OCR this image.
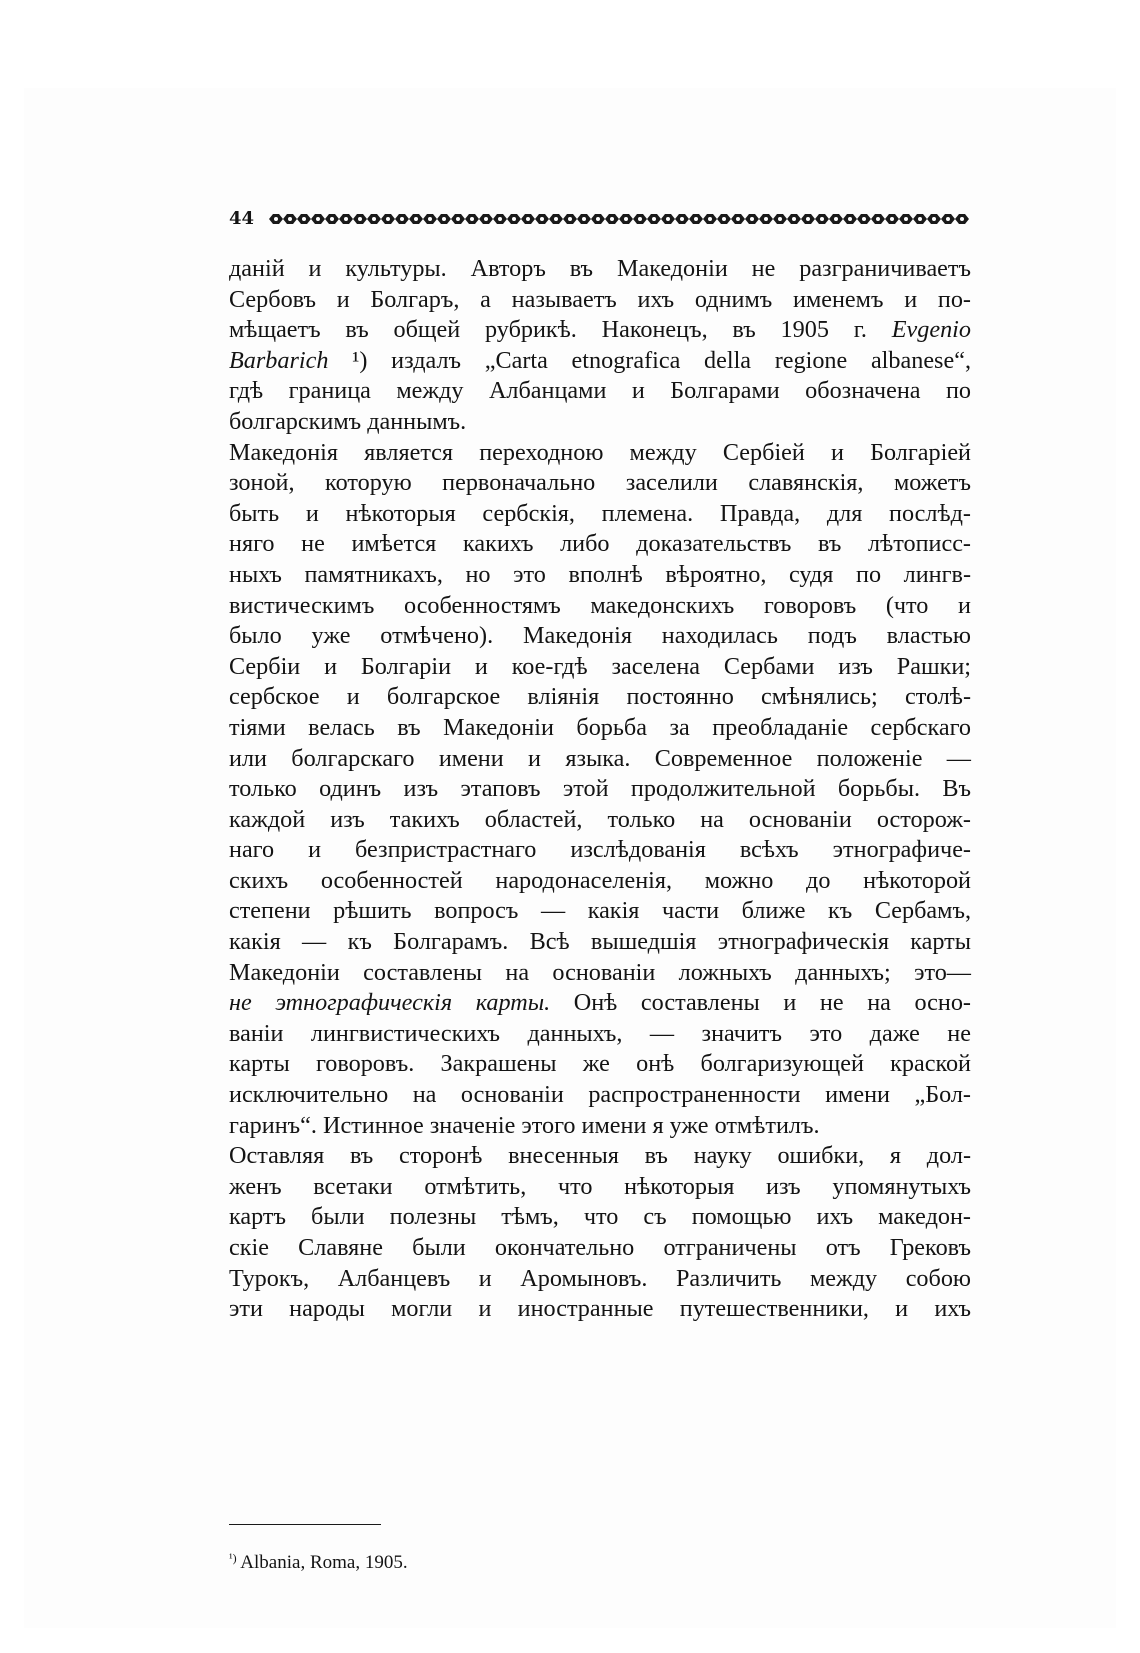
44
даній и культуры. Авторъ въ Македоніи не разграничиваетъ
Сербовъ и Болгаръ, а называетъ ихъ однимъ именемъ и по-
мѣщаетъ въ общей рубрикѣ. Наконецъ, въ 1905 г. Evgenio
Barbarich ¹) издалъ „Carta etnografica della regione albanese“,
гдѣ граница между Албанцами и Болгарами обозначена по
болгарскимъ даннымъ.
Македонія является переходною между Сербіей и Болгаріей
зоной, которую первоначально заселили славянскія, можетъ
быть и нѣкоторыя сербскія, племена. Правда, для послѣд-
няго не имѣется какихъ либо доказательствъ въ лѣтописс-
ныхъ памятникахъ, но это вполнѣ вѣроятно, судя по лингв-
вистическимъ особенностямъ македонскихъ говоровъ (что и
было уже отмѣчено). Македонія находилась подъ властью
Сербіи и Болгаріи и кое-гдѣ заселена Сербами изъ Рашки;
сербское и болгарское вліянія постоянно смѣнялись; столѣ-
тіями велась въ Македоніи борьба за преобладаніе сербскаго
или болгарскаго имени и языка. Современное положеніе —
только одинъ изъ этаповъ этой продолжительной борьбы. Въ
каждой изъ такихъ областей, только на основаніи осторож-
наго и безпристрастнаго изслѣдованія всѣхъ этнографиче-
скихъ особенностей народонаселенія, можно до нѣкоторой
степени рѣшить вопросъ — какія части ближе къ Сербамъ,
какія — къ Болгарамъ. Всѣ вышедшія этнографическія карты
Македоніи составлены на основаніи ложныхъ данныхъ; это—
не этнографическія карты. Онѣ составлены и не на осно-
ваніи лингвистическихъ данныхъ, — значитъ это даже не
карты говоровъ. Закрашены же онѣ болгаризующей краской
исключительно на основаніи распространенности имени „Бол-
гаринъ“. Истинное значеніе этого имени я уже отмѣтилъ.
Оставляя въ сторонѣ внесенныя въ науку ошибки, я дол-
женъ всетаки отмѣтить, что нѣкоторыя изъ упомянутыхъ
картъ были полезны тѣмъ, что съ помощью ихъ македон-
скіе Славяне были окончательно отграничены отъ Грековъ
Турокъ, Албанцевъ и Аромыновъ. Различить между собою
эти народы могли и иностранные путешественники, и ихъ
$^{^1)}$ Albania, Roma, 1905.
